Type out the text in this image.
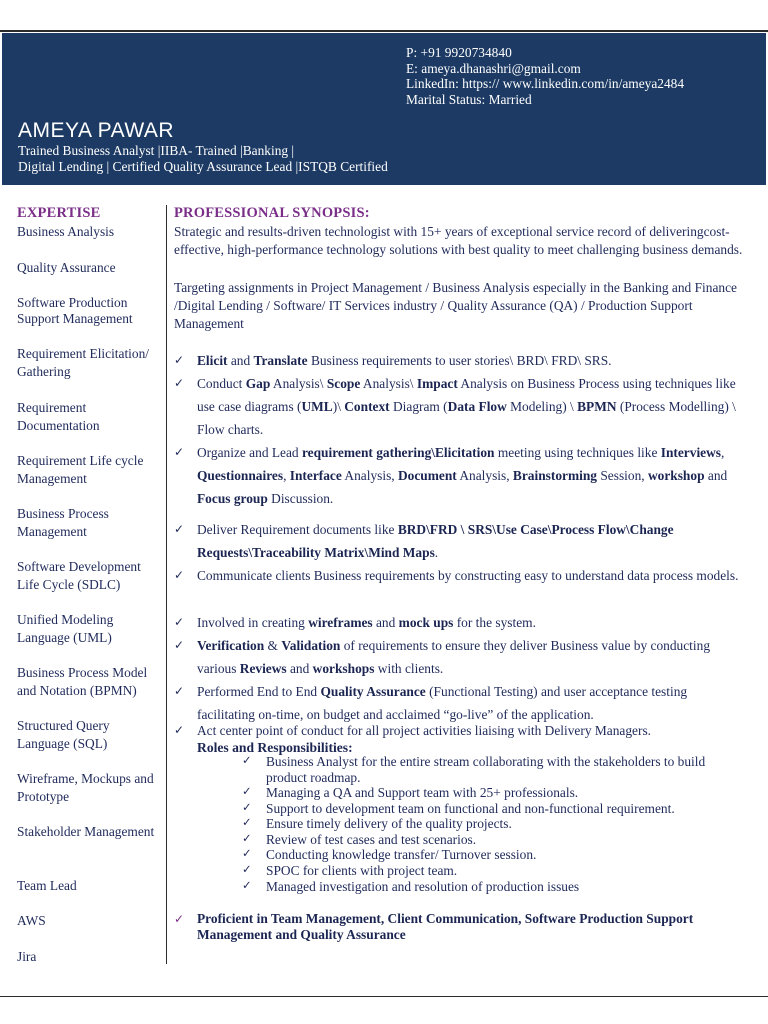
P: +91 9920734840
E: ameya.dhanashri@gmail.com
LinkedIn: https:// www.linkedin.com/in/ameya2484
Marital Status: Married
AMEYA PAWAR
Trained Business Analyst |IIBA- Trained |Banking |
Digital Lending | Certified Quality Assurance Lead |ISTQB Certified
EXPERTISE
Business Analysis
Quality Assurance
Software Production Support Management
Requirement Elicitation/ Gathering
Requirement Documentation
Requirement Life cycle Management
Business Process Management
Software Development Life Cycle (SDLC)
Unified Modeling Language (UML)
Business Process Model and Notation (BPMN)
Structured Query Language (SQL)
Wireframe, Mockups and Prototype
Stakeholder Management
Team Lead
AWS
Jira
PROFESSIONAL SYNOPSIS:
Strategic and results-driven technologist with 15+ years of exceptional service record of deliveringcost-effective, high-performance technology solutions with best quality to meet challenging business demands.
Targeting assignments in Project Management / Business Analysis especially in the Banking and Finance /Digital Lending / Software/ IT Services industry / Quality Assurance (QA) / Production Support Management
✓ Elicit and Translate Business requirements to user stories\ BRD\ FRD\ SRS.
✓ Conduct Gap Analysis\ Scope Analysis\ Impact Analysis on Business Process using techniques like use case diagrams (UML)\ Context Diagram (Data Flow Modeling) \ BPMN (Process Modelling) \ Flow charts.
✓ Organize and Lead requirement gathering\Elicitation meeting using techniques like Interviews, Questionnaires, Interface Analysis, Document Analysis, Brainstorming Session, workshop and Focus group Discussion.
✓ Deliver Requirement documents like BRD\FRD \ SRS\Use Case\Process Flow\Change Requests\Traceability Matrix\Mind Maps.
✓ Communicate clients Business requirements by constructing easy to understand data process models.
✓ Involved in creating wireframes and mock ups for the system.
✓ Verification & Validation of requirements to ensure they deliver Business value by conducting various Reviews and workshops with clients.
✓ Performed End to End Quality Assurance (Functional Testing) and user acceptance testing facilitating on-time, on budget and acclaimed “go-live” of the application.
✓ Act center point of conduct for all project activities liaising with Delivery Managers.
Roles and Responsibilities:
✓ Business Analyst for the entire stream collaborating with the stakeholders to build product roadmap.
✓ Managing a QA and Support team with 25+ professionals.
✓ Support to development team on functional and non-functional requirement.
✓ Ensure timely delivery of the quality projects.
✓ Review of test cases and test scenarios.
✓ Conducting knowledge transfer/ Turnover session.
✓ SPOC for clients with project team.
✓ Managed investigation and resolution of production issues
✓ Proficient in Team Management, Client Communication, Software Production Support Management and Quality Assurance
